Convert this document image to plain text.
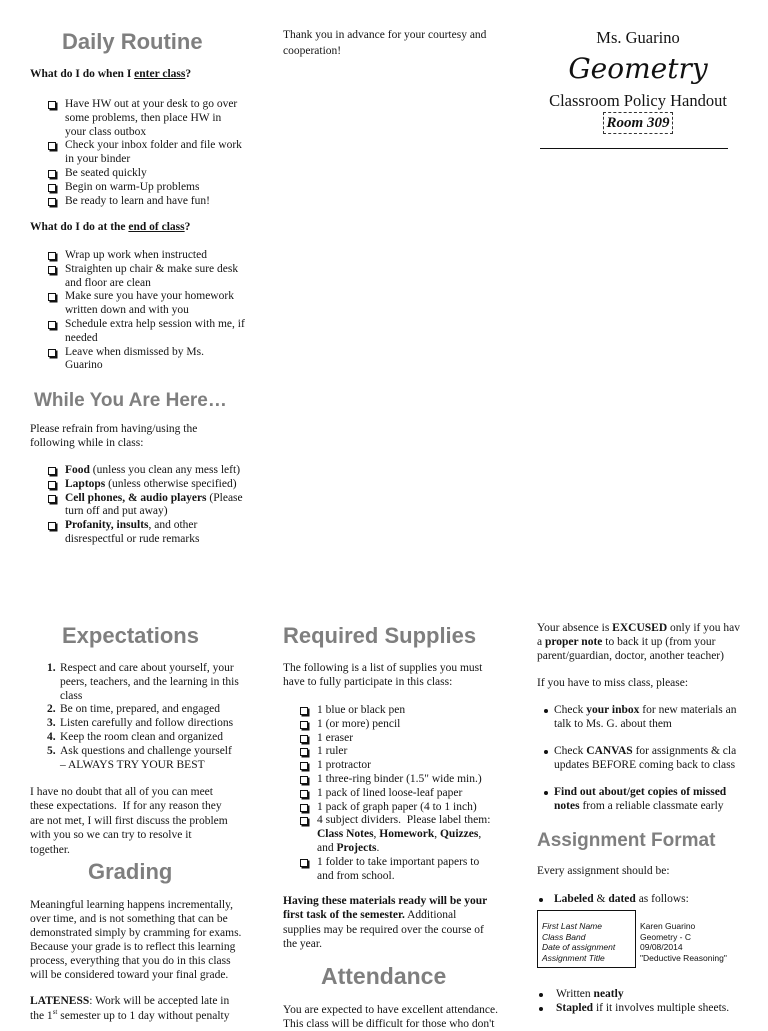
Daily Routine
What do I do when I enter class?
Have HW out at your desk to go over
some problems, then place HW in
your class outbox
Check your inbox folder and file work
in your binder
Be seated quickly
Begin on warm-Up problems
Be ready to learn and have fun!
What do I do at the end of class?
Wrap up work when instructed
Straighten up chair & make sure desk
and floor are clean
Make sure you have your homework
written down and with you
Schedule extra help session with me, if
needed
Leave when dismissed by Ms.
Guarino
While You Are Here…
Please refrain from having/using the
following while in class:
Food (unless you clean any mess left)
Laptops (unless otherwise specified)
Cell phones, & audio players (Please
turn off and put away)
Profanity, insults, and other
disrespectful or rude remarks
Thank you in advance for your courtesy and
cooperation!
Ms. Guarino
Geometry
Classroom Policy Handout
Room 309
Expectations
1. Respect and care about yourself, your
peers, teachers, and the learning in this
class
2. Be on time, prepared, and engaged
3. Listen carefully and follow directions
4. Keep the room clean and organized
5. Ask questions and challenge yourself
– ALWAYS TRY YOUR BEST
I have no doubt that all of you can meet
these expectations.  If for any reason they
are not met, I will first discuss the problem
with you so we can try to resolve it
together.
Grading
Meaningful learning happens incrementally,
over time, and is not something that can be
demonstrated simply by cramming for exams.
Because your grade is to reflect this learning
process, everything that you do in this class
will be considered toward your final grade.
LATENESS: Work will be accepted late in
the 1st semester up to 1 day without penalty
Required Supplies
The following is a list of supplies you must
have to fully participate in this class:
1 blue or black pen
1 (or more) pencil
1 eraser
1 ruler
1 protractor
1 three-ring binder (1.5" wide min.)
1 pack of lined loose-leaf paper
1 pack of graph paper (4 to 1 inch)
4 subject dividers.  Please label them:
Class Notes, Homework, Quizzes,
and Projects.
1 folder to take important papers to
and from school.
Having these materials ready will be your
first task of the semester. Additional
supplies may be required over the course of
the year.
Attendance
You are expected to have excellent attendance.
This class will be difficult for those who don't
Your absence is EXCUSED only if you hav
a proper note to back it up (from your
parent/guardian, doctor, another teacher)
If you have to miss class, please:
Check your inbox for new materials an
talk to Ms. G. about them
Check CANVAS for assignments & cla
updates BEFORE coming back to class
Find out about/get copies of missed
notes from a reliable classmate early
Assignment Format
Every assignment should be:
Labeled & dated as follows:
First Last Name
Class Band
Date of assignment
Assignment Title
Karen Guarino
Geometry - C
09/08/2014
"Deductive Reasoning"
Written neatly
Stapled if it involves multiple sheets.
